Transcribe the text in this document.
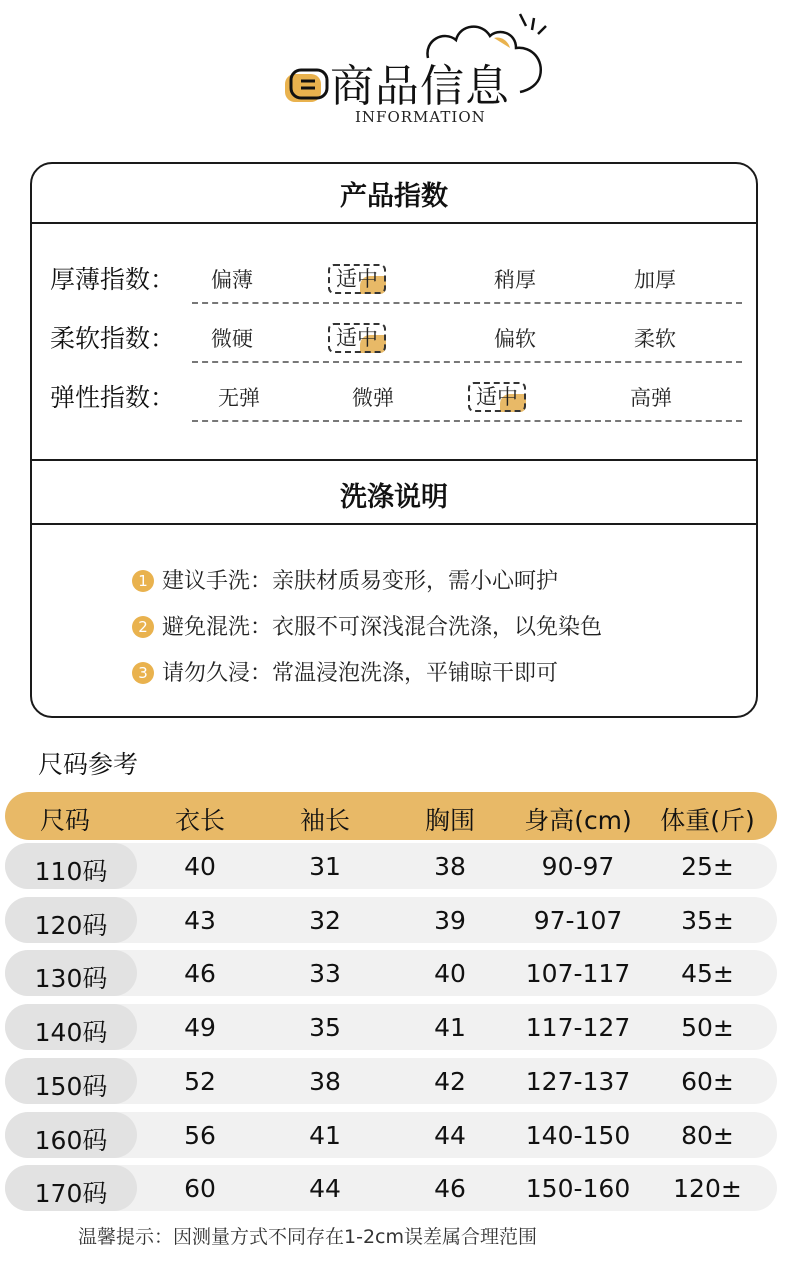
商品信息
INFORMATION
产品指数
厚薄指数：	偏薄	适中	稍厚	加厚
柔软指数：	微硬	适中	偏软	柔软
弹性指数：	无弹	微弹	适中	高弹
洗涤说明
1 建议手洗：亲肤材质易变形，需小心呵护
2 避免混洗：衣服不可深浅混合洗涤，以免染色
3 请勿久浸：常温浸泡洗涤，平铺晾干即可
尺码参考
尺码	衣长	袖长	胸围	身高(cm)	体重(斤)
110码	40	31	38	90-97	25±
120码	43	32	39	97-107	35±
130码	46	33	40	107-117	45±
140码	49	35	41	117-127	50±
150码	52	38	42	127-137	60±
160码	56	41	44	140-150	80±
170码	60	44	46	150-160	120±
温馨提示：因测量方式不同存在1-2cm误差属合理范围
